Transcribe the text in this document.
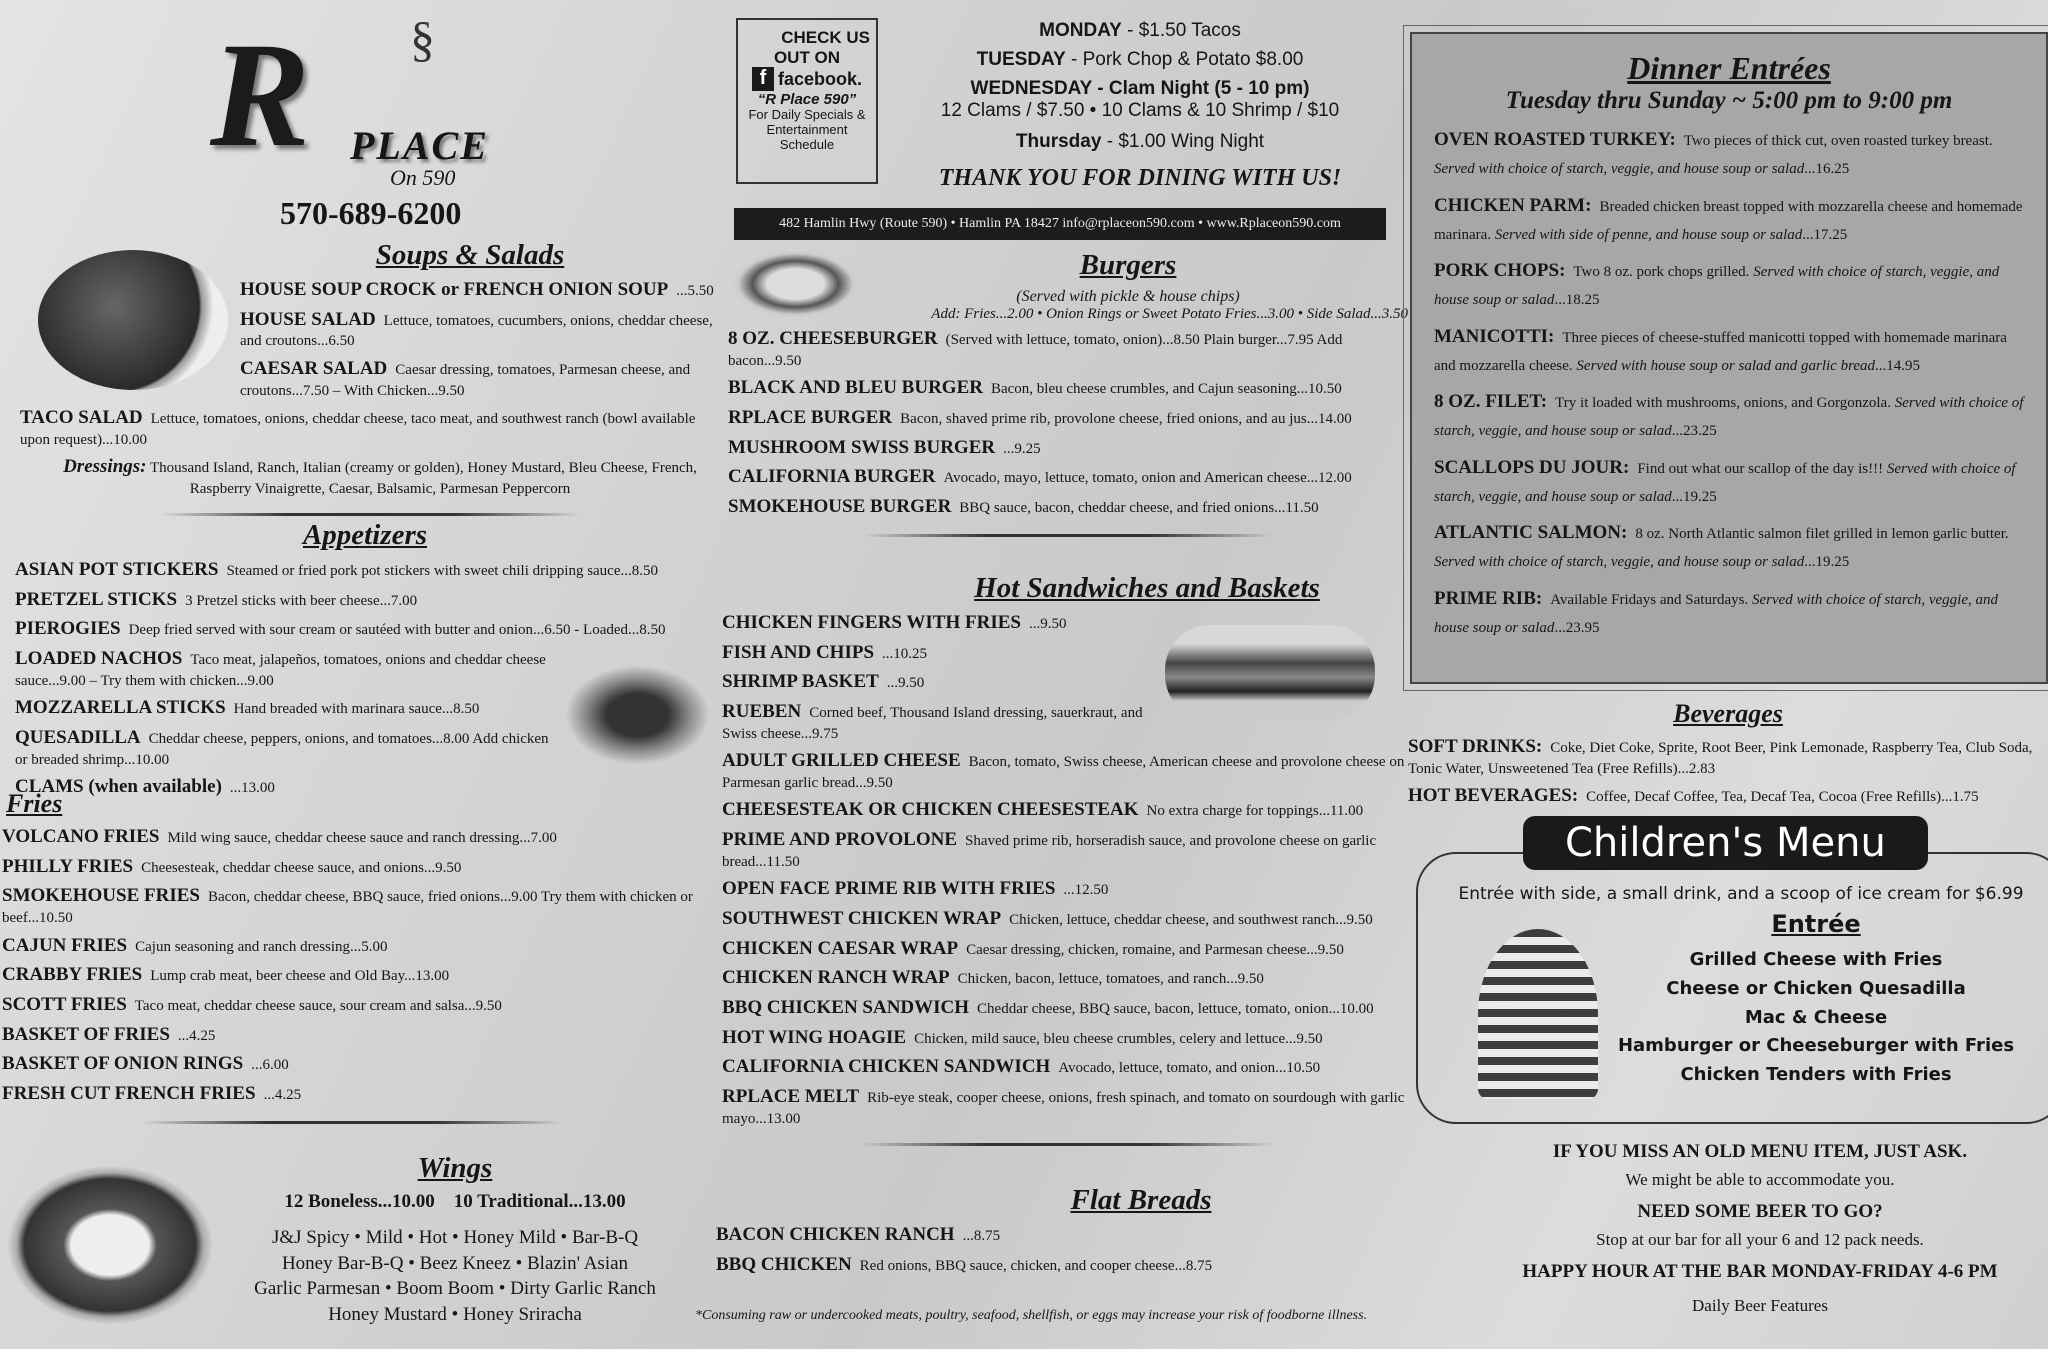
§
R PLACE
On 590
570-689-6200
Soups & Salads
HOUSE SOUP CROCK or FRENCH ONION SOUP ...5.50
HOUSE SALAD Lettuce, tomatoes, cucumbers, onions, cheddar cheese, and croutons...6.50
CAESAR SALAD Caesar dressing, tomatoes, Parmesan cheese, and croutons...7.50 – With Chicken...9.50
TACO SALAD Lettuce, tomatoes, onions, cheddar cheese, taco meat, and southwest ranch (bowl available upon request)...10.00
Dressings: Thousand Island, Ranch, Italian (creamy or golden), Honey Mustard, Bleu Cheese, French, Raspberry Vinaigrette, Caesar, Balsamic, Parmesan Peppercorn
Appetizers
ASIAN POT STICKERS Steamed or fried pork pot stickers with sweet chili dripping sauce...8.50
PRETZEL STICKS 3 Pretzel sticks with beer cheese...7.00
PIEROGIES Deep fried served with sour cream or sautéed with butter and onion...6.50 - Loaded...8.50
LOADED NACHOS Taco meat, jalapeños, tomatoes, onions and cheddar cheese sauce...9.00 – Try them with chicken...9.00
MOZZARELLA STICKS Hand breaded with marinara sauce...8.50
QUESADILLA Cheddar cheese, peppers, onions, and tomatoes...8.00 Add chicken or breaded shrimp...10.00
CLAMS (when available) ...13.00
Fries
VOLCANO FRIES Mild wing sauce, cheddar cheese sauce and ranch dressing...7.00
PHILLY FRIES Cheesesteak, cheddar cheese sauce, and onions...9.50
SMOKEHOUSE FRIES Bacon, cheddar cheese, BBQ sauce, fried onions...9.00 Try them with chicken or beef...10.50
CAJUN FRIES Cajun seasoning and ranch dressing...5.00
CRABBY FRIES Lump crab meat, beer cheese and Old Bay...13.00
SCOTT FRIES Taco meat, cheddar cheese sauce, sour cream and salsa...9.50
BASKET OF FRIES ...4.25
BASKET OF ONION RINGS ...6.00
FRESH CUT FRENCH FRIES ...4.25
Wings
12 Boneless...10.00 10 Traditional...13.00
J&J Spicy • Mild • Hot • Honey Mild • Bar-B-Q
Honey Bar-B-Q • Beez Kneez • Blazin' Asian
Garlic Parmesan • Boom Boom • Dirty Garlic Ranch
Honey Mustard • Honey Sriracha
CHECK US
OUT ON
f facebook.
“R Place 590”
For Daily Specials & Entertainment Schedule
MONDAY - $1.50 Tacos
TUESDAY - Pork Chop & Potato $8.00
WEDNESDAY - Clam Night (5 - 10 pm)
12 Clams / $7.50 • 10 Clams & 10 Shrimp / $10
Thursday - $1.00 Wing Night
THANK YOU FOR DINING WITH US!
482 Hamlin Hwy (Route 590) • Hamlin PA 18427 info@rplaceon590.com • www.Rplaceon590.com
Burgers
(Served with pickle & house chips)
Add: Fries...2.00 • Onion Rings or Sweet Potato Fries...3.00 • Side Salad...3.50
8 OZ. CHEESEBURGER (Served with lettuce, tomato, onion)...8.50 Plain burger...7.95 Add bacon...9.50
BLACK AND BLEU BURGER Bacon, bleu cheese crumbles, and Cajun seasoning...10.50
RPLACE BURGER Bacon, shaved prime rib, provolone cheese, fried onions, and au jus...14.00
MUSHROOM SWISS BURGER ...9.25
CALIFORNIA BURGER Avocado, mayo, lettuce, tomato, onion and American cheese...12.00
SMOKEHOUSE BURGER BBQ sauce, bacon, cheddar cheese, and fried onions...11.50
Hot Sandwiches and Baskets
CHICKEN FINGERS WITH FRIES ...9.50
FISH AND CHIPS ...10.25
SHRIMP BASKET ...9.50
RUEBEN Corned beef, Thousand Island dressing, sauerkraut, and Swiss cheese...9.75
ADULT GRILLED CHEESE Bacon, tomato, Swiss cheese, American cheese and provolone cheese on Parmesan garlic bread...9.50
CHEESESTEAK OR CHICKEN CHEESESTEAK No extra charge for toppings...11.00
PRIME AND PROVOLONE Shaved prime rib, horseradish sauce, and provolone cheese on garlic bread...11.50
OPEN FACE PRIME RIB WITH FRIES ...12.50
SOUTHWEST CHICKEN WRAP Chicken, lettuce, cheddar cheese, and southwest ranch...9.50
CHICKEN CAESAR WRAP Caesar dressing, chicken, romaine, and Parmesan cheese...9.50
CHICKEN RANCH WRAP Chicken, bacon, lettuce, tomatoes, and ranch...9.50
BBQ CHICKEN SANDWICH Cheddar cheese, BBQ sauce, bacon, lettuce, tomato, onion...10.00
HOT WING HOAGIE Chicken, mild sauce, bleu cheese crumbles, celery and lettuce...9.50
CALIFORNIA CHICKEN SANDWICH Avocado, lettuce, tomato, and onion...10.50
RPLACE MELT Rib-eye steak, cooper cheese, onions, fresh spinach, and tomato on sourdough with garlic mayo...13.00
Flat Breads
BACON CHICKEN RANCH ...8.75
BBQ CHICKEN Red onions, BBQ sauce, chicken, and cooper cheese...8.75
*Consuming raw or undercooked meats, poultry, seafood, shellfish, or eggs may increase your risk of foodborne illness.
Dinner Entrées
Tuesday thru Sunday ~ 5:00 pm to 9:00 pm
OVEN ROASTED TURKEY: Two pieces of thick cut, oven roasted turkey breast. Served with choice of starch, veggie, and house soup or salad...16.25
CHICKEN PARM: Breaded chicken breast topped with mozzarella cheese and homemade marinara. Served with side of penne, and house soup or salad...17.25
PORK CHOPS: Two 8 oz. pork chops grilled. Served with choice of starch, veggie, and house soup or salad...18.25
MANICOTTI: Three pieces of cheese-stuffed manicotti topped with homemade marinara and mozzarella cheese. Served with house soup or salad and garlic bread...14.95
8 OZ. FILET: Try it loaded with mushrooms, onions, and Gorgonzola. Served with choice of starch, veggie, and house soup or salad...23.25
SCALLOPS DU JOUR: Find out what our scallop of the day is!!! Served with choice of starch, veggie, and house soup or salad...19.25
ATLANTIC SALMON: 8 oz. North Atlantic salmon filet grilled in lemon garlic butter. Served with choice of starch, veggie, and house soup or salad...19.25
PRIME RIB: Available Fridays and Saturdays. Served with choice of starch, veggie, and house soup or salad...23.95
Beverages
SOFT DRINKS: Coke, Diet Coke, Sprite, Root Beer, Pink Lemonade, Raspberry Tea, Club Soda, Tonic Water, Unsweetened Tea (Free Refills)...2.83
HOT BEVERAGES: Coffee, Decaf Coffee, Tea, Decaf Tea, Cocoa (Free Refills)...1.75
Children's Menu
Entrée with side, a small drink, and a scoop of ice cream for $6.99
Entrée
Grilled Cheese with Fries
Cheese or Chicken Quesadilla
Mac & Cheese
Hamburger or Cheeseburger with Fries
Chicken Tenders with Fries
IF YOU MISS AN OLD MENU ITEM, JUST ASK.
We might be able to accommodate you.
NEED SOME BEER TO GO?
Stop at our bar for all your 6 and 12 pack needs.
HAPPY HOUR AT THE BAR MONDAY-FRIDAY 4-6 PM
Daily Beer Features
